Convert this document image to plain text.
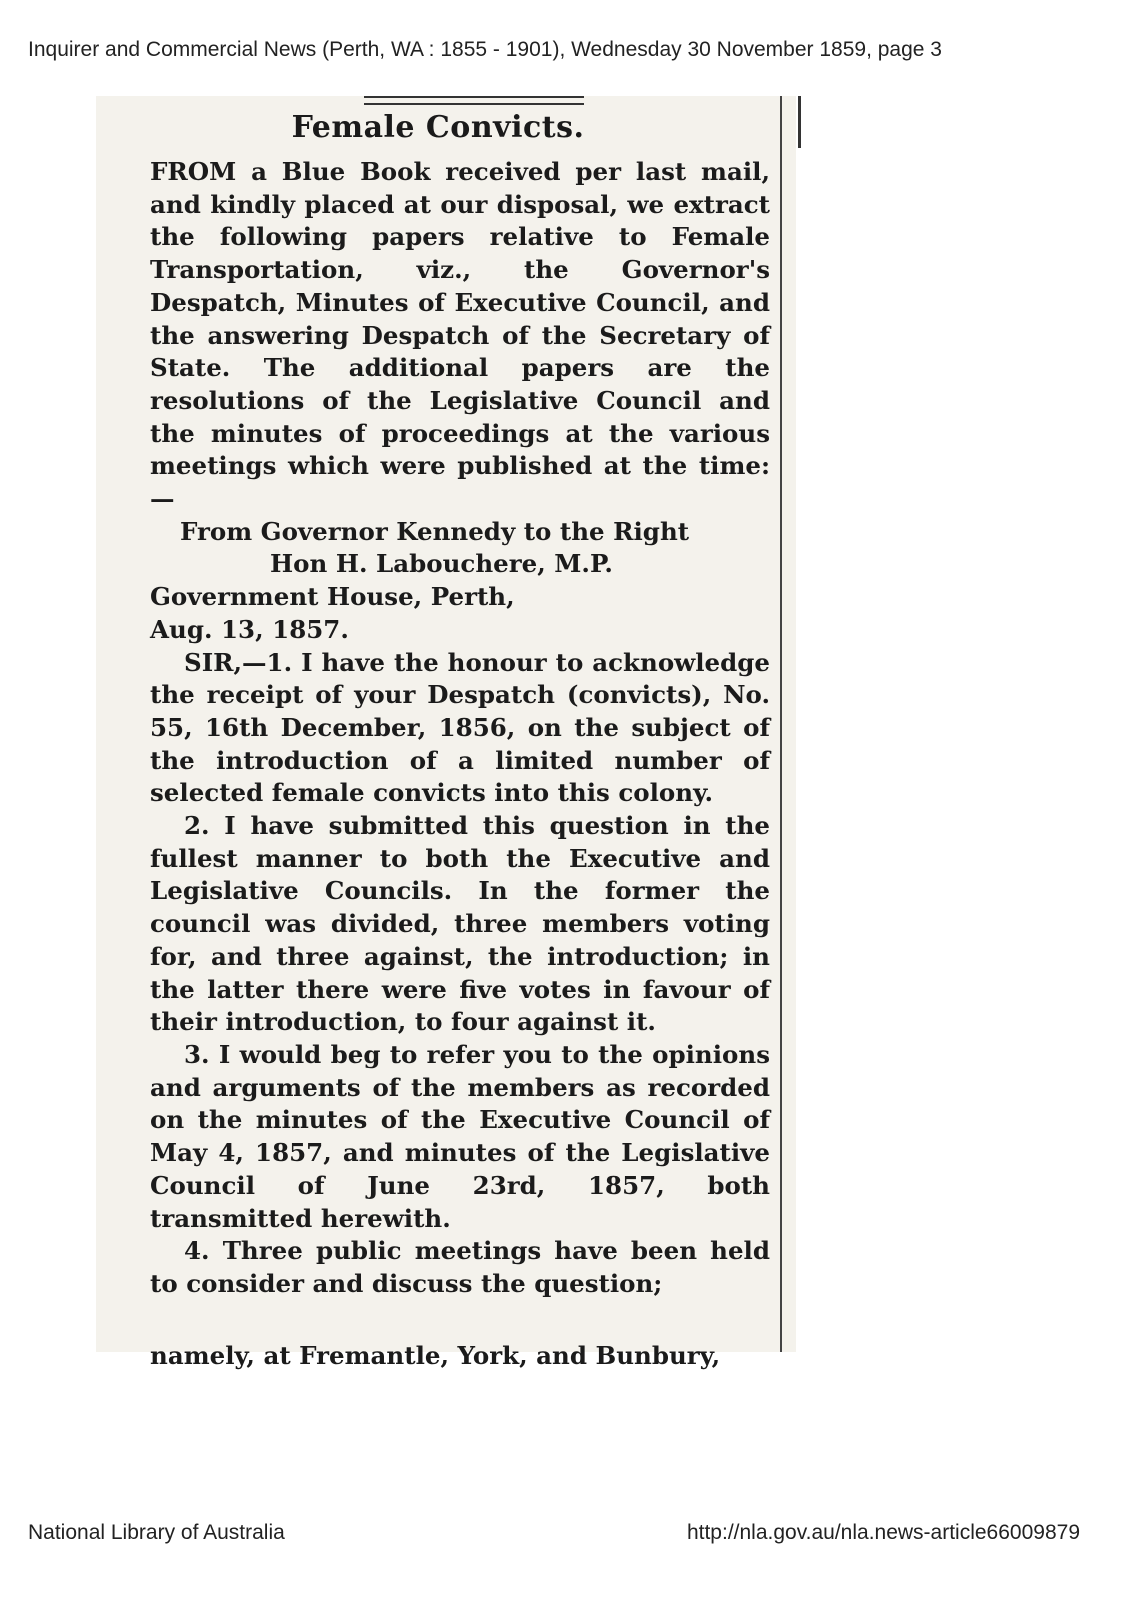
Inquirer and Commercial News (Perth, WA : 1855 - 1901), Wednesday 30 November 1859, page 3
Female Convicts.

FROM a Blue Book received per last mail, and kindly placed at our disposal, we extract the following papers relative to Female Transportation, viz., the Governor's Despatch, Minutes of Executive Council, and the answering Despatch of the Secretary of State. The additional papers are the resolutions of the Legislative Council and the minutes of proceedings at the various meetings which were published at the time: —

From Governor Kennedy to the Right

Hon H. Labouchere, M.P.

Government House, Perth,

Aug. 13, 1857.

SIR,—1. I have the honour to acknowledge the receipt of your Despatch (convicts), No. 55, 16th December, 1856, on the subject of the introduction of a limited number of selected female convicts into this colony.

2. I have submitted this question in the fullest manner to both the Executive and Legislative Councils. In the former the council was divided, three members voting for, and three against, the introduction; in the latter there were five votes in favour of their introduction, to four against it.

3. I would beg to refer you to the opinions and arguments of the members as recorded on the minutes of the Executive Council of May 4, 1857, and minutes of the Legislative Council of June 23rd, 1857, both transmitted herewith.

4. Three public meetings have been held to consider and discuss the question;

namely, at Fremantle, York, and Bunbury,
National Library of Australia	http://nla.gov.au/nla.news-article66009879
